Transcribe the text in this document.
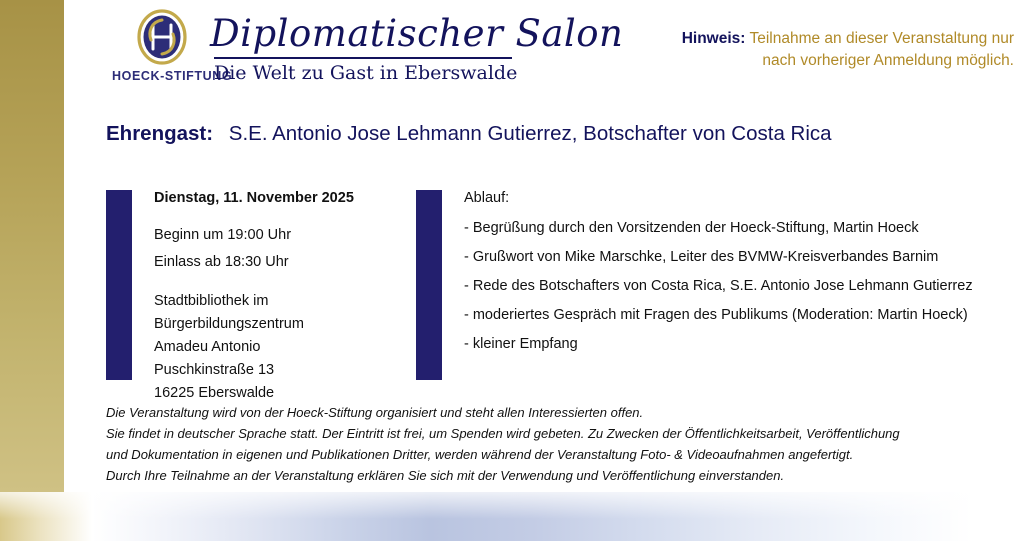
HOECK-STIFTUNG
Diplomatischer Salon
Die Welt zu Gast in Eberswalde
Hinweis: Teilnahme an dieser Veranstaltung nur nach vorheriger Anmeldung möglich.
Ehrengast: S.E. Antonio Jose Lehmann Gutierrez, Botschafter von Costa Rica
Dienstag, 11. November 2025
Beginn um 19:00 Uhr
Einlass ab 18:30 Uhr
Stadtbibliothek im
Bürgerbildungszentrum
Amadeu Antonio
Puschkinstraße 13
16225 Eberswalde
Ablauf:
- Begrüßung durch den Vorsitzenden der Hoeck-Stiftung, Martin Hoeck
- Grußwort von Mike Marschke, Leiter des BVMW-Kreisverbandes Barnim
- Rede des Botschafters von Costa Rica, S.E. Antonio Jose Lehmann Gutierrez
- moderiertes Gespräch mit Fragen des Publikums (Moderation: Martin Hoeck)
- kleiner Empfang

Die Veranstaltung wird von der Hoeck-Stiftung organisiert und steht allen Interessierten offen.

Sie findet in deutscher Sprache statt. Der Eintritt ist frei, um Spenden wird gebeten. Zu Zwecken der Öffentlichkeitsarbeit, Veröffentlichung

und Dokumentation in eigenen und Publikationen Dritter, werden während der Veranstaltung Foto- & Videoaufnahmen angefertigt.

Durch Ihre Teilnahme an der Veranstaltung erklären Sie sich mit der Verwendung und Veröffentlichung einverstanden.
